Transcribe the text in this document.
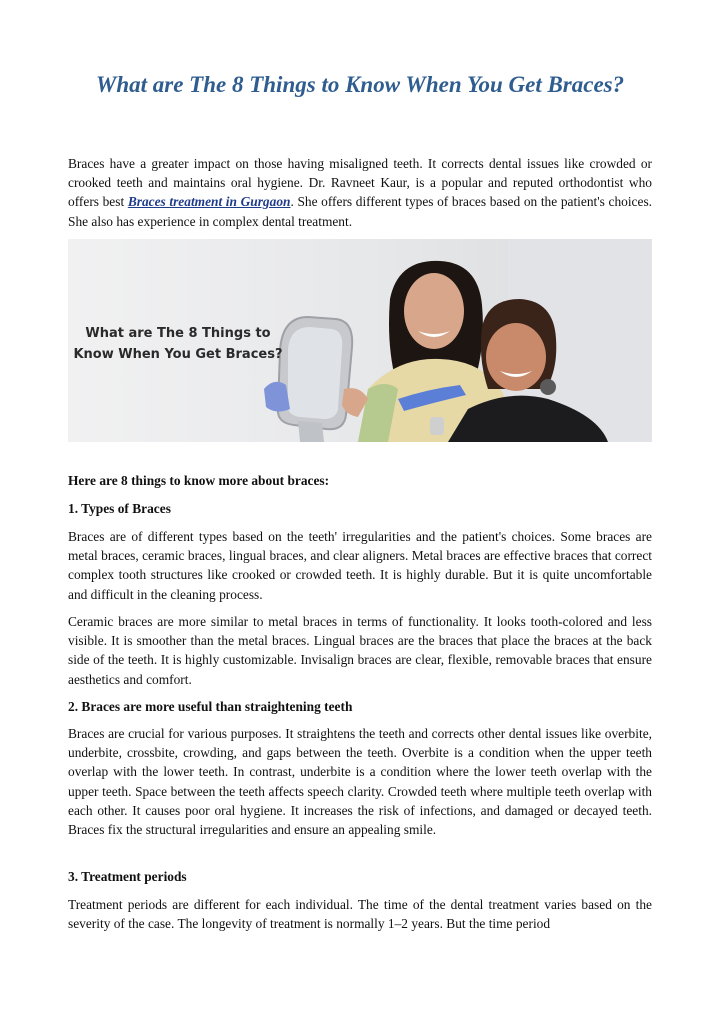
What are The 8 Things to Know When You Get Braces?

Braces have a greater impact on those having misaligned teeth. It corrects dental issues like crowded or crooked teeth and maintains oral hygiene. Dr. Ravneet Kaur, is a popular and reputed orthodontist who offers best Braces treatment in Gurgaon. She offers different types of braces based on the patient's choices. She also has experience in complex dental treatment.

What are The 8 Things to
Know When You Get Braces?

Here are 8 things to know more about braces:

1. Types of Braces

Braces are of different types based on the teeth' irregularities and the patient's choices. Some braces are metal braces, ceramic braces, lingual braces, and clear aligners. Metal braces are effective braces that correct complex tooth structures like crooked or crowded teeth. It is highly durable. But it is quite uncomfortable and difficult in the cleaning process.

Ceramic braces are more similar to metal braces in terms of functionality. It looks tooth-colored and less visible. It is smoother than the metal braces. Lingual braces are the braces that place the braces at the back side of the teeth. It is highly customizable. Invisalign braces are clear, flexible, removable braces that ensure aesthetics and comfort.

2. Braces are more useful than straightening teeth

Braces are crucial for various purposes. It straightens the teeth and corrects other dental issues like overbite, underbite, crossbite, crowding, and gaps between the teeth. Overbite is a condition when the upper teeth overlap with the lower teeth. In contrast, underbite is a condition where the lower teeth overlap with the upper teeth. Space between the teeth affects speech clarity. Crowded teeth where multiple teeth overlap with each other. It causes poor oral hygiene. It increases the risk of infections, and damaged or decayed teeth. Braces fix the structural irregularities and ensure an appealing smile.

3. Treatment periods

Treatment periods are different for each individual. The time of the dental treatment varies based on the severity of the case. The longevity of treatment is normally 1–2 years. But the time period
